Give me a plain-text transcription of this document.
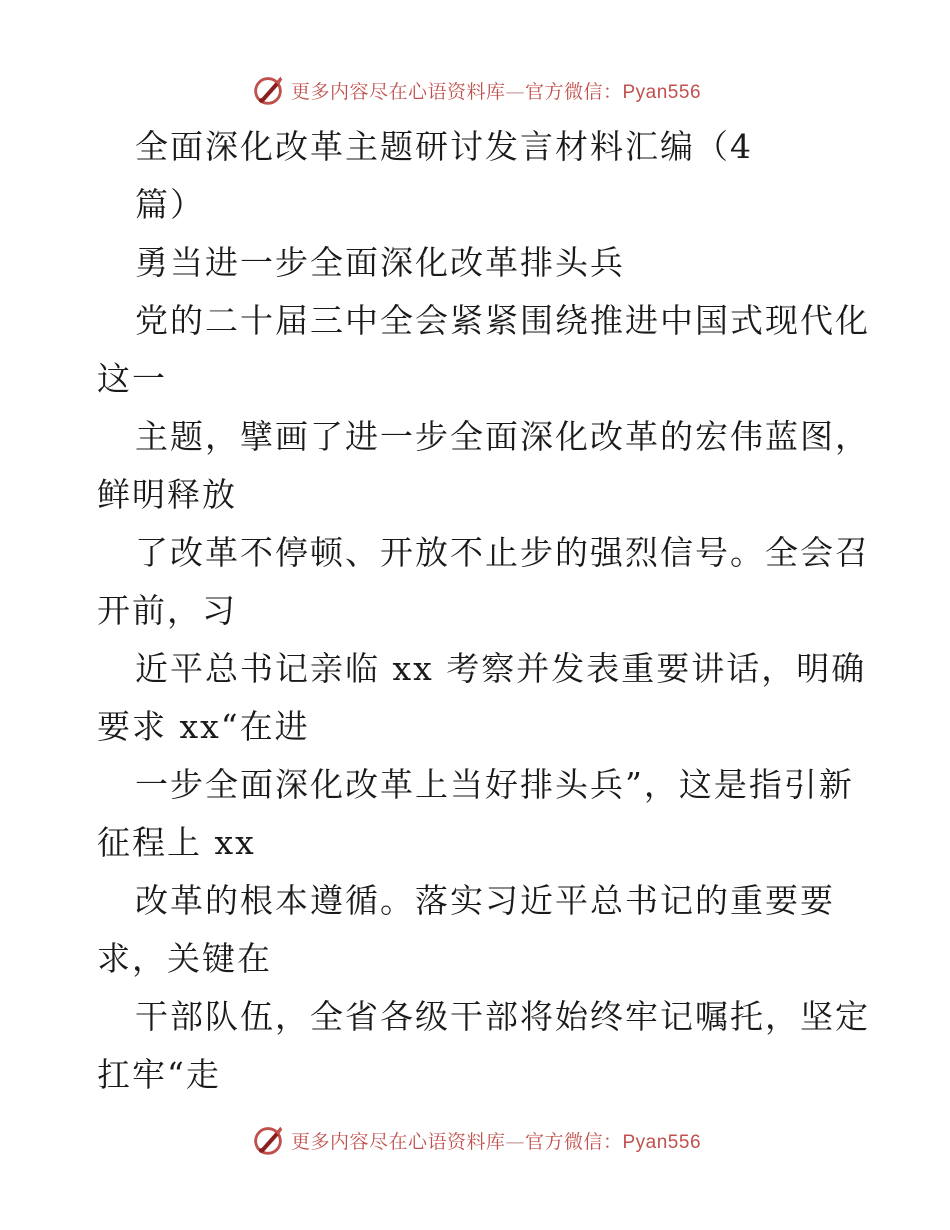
更多内容尽在心语资料库—官方微信：Pyan556
全面深化改革主题研讨发言材料汇编（4
篇）
勇当进一步全面深化改革排头兵
党的二十届三中全会紧紧围绕推进中国式现代化
这一
主题，擘画了进一步全面深化改革的宏伟蓝图，
鲜明释放
了改革不停顿、开放不止步的强烈信号。全会召
开前，习
近平总书记亲临 xx 考察并发表重要讲话，明确
要求 xx“在进
一步全面深化改革上当好排头兵”，这是指引新
征程上 xx
改革的根本遵循。落实习近平总书记的重要要
求，关键在
干部队伍，全省各级干部将始终牢记嘱托，坚定
扛牢“走
更多内容尽在心语资料库—官方微信：Pyan556
